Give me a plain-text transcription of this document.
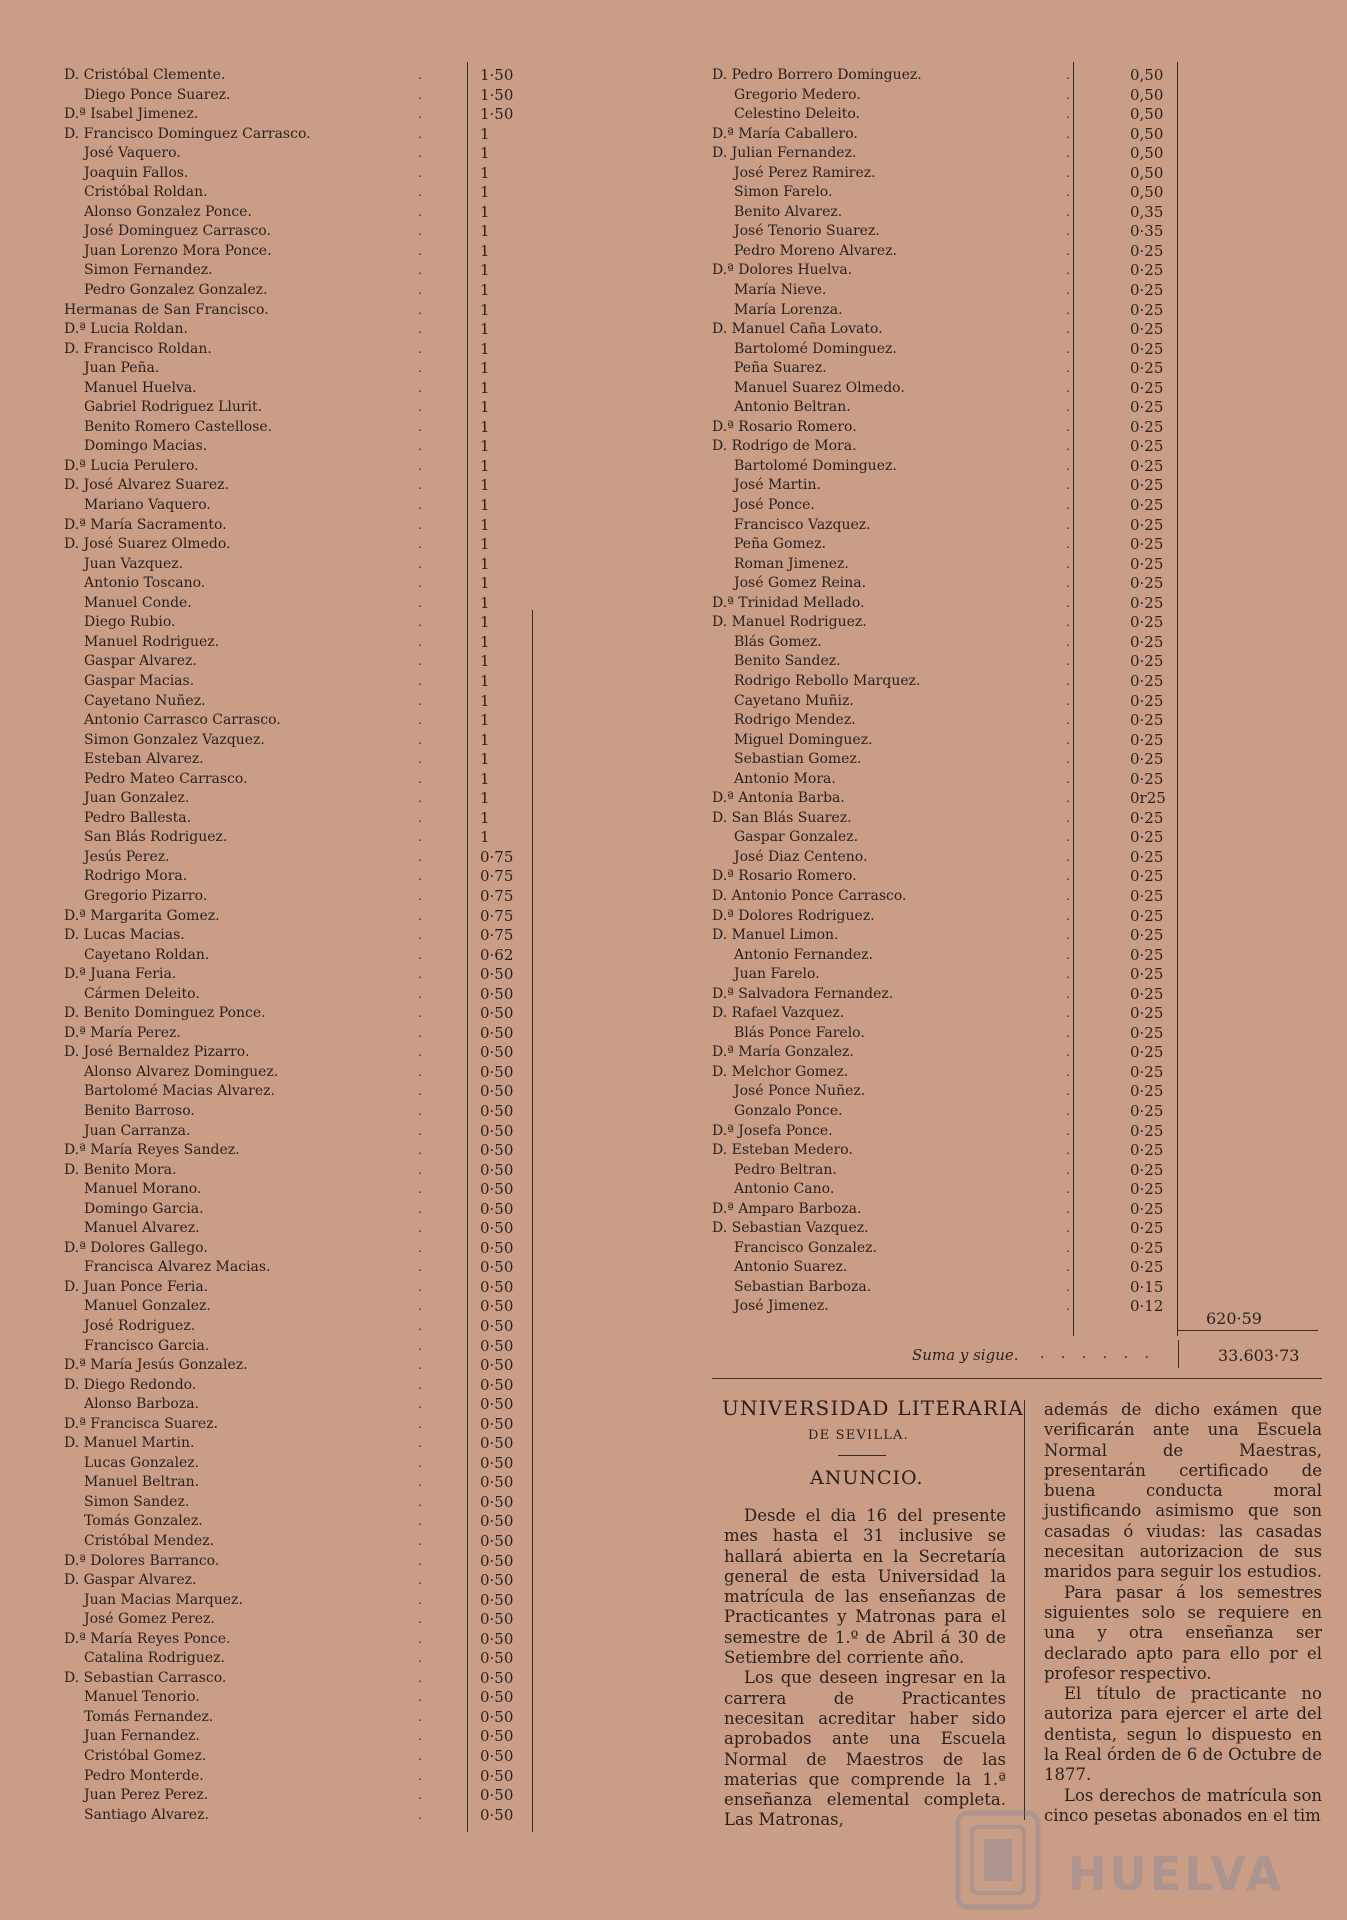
D. Cristóbal Clemente.	.	1·50
Diego Ponce Suarez.	.	1·50
D.ª Isabel Jimenez.	.	1·50
D. Francisco Dominguez Carrasco.	.	1
José Vaquero.	.	1
Joaquin Fallos.	.	1
Cristóbal Roldan.	.	1
Alonso Gonzalez Ponce.	.	1
José Dominguez Carrasco.	.	1
Juan Lorenzo Mora Ponce.	.	1
Simon Fernandez.	.	1
Pedro Gonzalez Gonzalez.	.	1
Hermanas de San Francisco.	.	1
D.ª Lucia Roldan.	.	1
D. Francisco Roldan.	.	1
Juan Peña.	.	1
Manuel Huelva.	.	1
Gabriel Rodriguez Llurit.	.	1
Benito Romero Castellose.	.	1
Domingo Macias.	.	1
D.ª Lucia Perulero.	.	1
D. José Alvarez Suarez.	.	1
Mariano Vaquero.	.	1
D.ª María Sacramento.	.	1
D. José Suarez Olmedo.	.	1
Juan Vazquez.	.	1
Antonio Toscano.	.	1
Manuel Conde.	.	1
Diego Rubio.	.	1
Manuel Rodriguez.	.	1
Gaspar Alvarez.	.	1
Gaspar Macias.	.	1
Cayetano Nuñez.	.	1
Antonio Carrasco Carrasco.	.	1
Simon Gonzalez Vazquez.	.	1
Esteban Alvarez.	.	1
Pedro Mateo Carrasco.	.	1
Juan Gonzalez.	.	1
Pedro Ballesta.	.	1
San Blás Rodriguez.	.	1
Jesús Perez.	.	0·75
Rodrigo Mora.	.	0·75
Gregorio Pizarro.	.	0·75
D.ª Margarita Gomez.	.	0·75
D. Lucas Macias.	.	0·75
Cayetano Roldan.	.	0·62
D.ª Juana Feria.	.	0·50
Cármen Deleito.	.	0·50
D. Benito Dominguez Ponce.	.	0·50
D.ª María Perez.	.	0·50
D. José Bernaldez Pizarro.	.	0·50
Alonso Alvarez Dominguez.	.	0·50
Bartolomé Macias Alvarez.	.	0·50
Benito Barroso.	.	0·50
Juan Carranza.	.	0·50
D.ª María Reyes Sandez.	.	0·50
D. Benito Mora.	.	0·50
Manuel Morano.	.	0·50
Domingo Garcia.	.	0·50
Manuel Alvarez.	.	0·50
D.ª Dolores Gallego.	.	0·50
Francisca Alvarez Macias.	.	0·50
D. Juan Ponce Feria.	.	0·50
Manuel Gonzalez.	.	0·50
José Rodriguez.	.	0·50
Francisco Garcia.	.	0·50
D.ª María Jesús Gonzalez.	.	0·50
D. Diego Redondo.	.	0·50
Alonso Barboza.	.	0·50
D.ª Francisca Suarez.	.	0·50
D. Manuel Martin.	.	0·50
Lucas Gonzalez.	.	0·50
Manuel Beltran.	.	0·50
Simon Sandez.	.	0·50
Tomás Gonzalez.	.	0·50
Cristóbal Mendez.	.	0·50
D.ª Dolores Barranco.	.	0·50
D. Gaspar Alvarez.	.	0·50
Juan Macias Marquez.	.	0·50
José Gomez Perez.	.	0·50
D.ª María Reyes Ponce.	.	0·50
Catalina Rodriguez.	.	0·50
D. Sebastian Carrasco.	.	0·50
Manuel Tenorio.	.	0·50
Tomás Fernandez.	.	0·50
Juan Fernandez.	.	0·50
Cristóbal Gomez.	.	0·50
Pedro Monterde.	.	0·50
Juan Perez Perez.	.	0·50
Santiago Alvarez.	.	0·50
D. Pedro Borrero Dominguez.	.	0,50
Gregorio Medero.	.	0,50
Celestino Deleito.	.	0,50
D.ª María Caballero.	.	0,50
D. Julian Fernandez.	.	0,50
José Perez Ramirez.	.	0,50
Simon Farelo.	.	0,50
Benito Alvarez.	.	0,35
José Tenorio Suarez.	.	0·35
Pedro Moreno Alvarez.	.	0·25
D.ª Dolores Huelva.	.	0·25
María Nieve.	.	0·25
María Lorenza.	.	0·25
D. Manuel Caña Lovato.	.	0·25
Bartolomé Dominguez.	.	0·25
Peña Suarez.	.	0·25
Manuel Suarez Olmedo.	.	0·25
Antonio Beltran.	.	0·25
D.ª Rosario Romero.	.	0·25
D. Rodrigo de Mora.	.	0·25
Bartolomé Dominguez.	.	0·25
José Martin.	.	0·25
José Ponce.	.	0·25
Francisco Vazquez.	.	0·25
Peña Gomez.	.	0·25
Roman Jimenez.	.	0·25
José Gomez Reina.	.	0·25
D.ª Trinidad Mellado.	.	0·25
D. Manuel Rodriguez.	.	0·25
Blás Gomez.	.	0·25
Benito Sandez.	.	0·25
Rodrigo Rebollo Marquez.	.	0·25
Cayetano Muñiz.	.	0·25
Rodrigo Mendez.	.	0·25
Miguel Dominguez.	.	0·25
Sebastian Gomez.	.	0·25
Antonio Mora.	.	0·25
D.ª Antonia Barba.	.	0r25
D. San Blás Suarez.	.	0·25
Gaspar Gonzalez.	.	0·25
José Diaz Centeno.	.	0·25
D.ª Rosario Romero.	.	0·25
D. Antonio Ponce Carrasco.	.	0·25
D.ª Dolores Rodriguez.	.	0·25
D. Manuel Limon.	.	0·25
Antonio Fernandez.	.	0·25
Juan Farelo.	.	0·25
D.ª Salvadora Fernandez.	.	0·25
D. Rafael Vazquez.	.	0·25
Blás Ponce Farelo.	.	0·25
D.ª María Gonzalez.	.	0·25
D. Melchor Gomez.	.	0·25
José Ponce Nuñez.	.	0·25
Gonzalo Ponce.	.	0·25
D.ª Josefa Ponce.	.	0·25
D. Esteban Medero.	.	0·25
Pedro Beltran.	.	0·25
Antonio Cano.	.	0·25
D.ª Amparo Barboza.	.	0·25
D. Sebastian Vazquez.	.	0·25
Francisco Gonzalez.	.	0·25
Antonio Suarez.	.	0·25
Sebastian Barboza.	.	0·15
José Jimenez.	.	0·12
620·59
Suma y sigue. . . . . . .	33.603·73
UNIVERSIDAD LITERARIA
DE SEVILLA.
ANUNCIO.

Desde el dia 16 del presente mes hasta el 31 inclusive se hallará abierta en la Secretaría general de esta Universidad la matrícula de las enseñanzas de Practicantes y Matronas para el semestre de 1.º de Abril á 30 de Setiembre del corriente año.

Los que deseen ingresar en la carrera de Practicantes necesitan acreditar haber sido aprobados ante una Escuela Normal de Maestros de las materias que comprende la 1.ª enseñanza elemental completa. Las Matronas,

además de dicho exámen que verificarán ante una Escuela Normal de Maestras, presentarán certificado de buena conducta moral justificando asimismo que son casadas ó viudas: las casadas necesitan autorizacion de sus maridos para seguir los estudios.

Para pasar á los semestres siguientes solo se requiere en una y otra enseñanza ser declarado apto para ello por el profesor respectivo.

El título de practicante no autoriza para ejercer el arte del dentista, segun lo dispuesto en la Real órden de 6 de Octubre de 1877.

Los derechos de matrícula son cinco pesetas abonados en el tim

HUELVA
